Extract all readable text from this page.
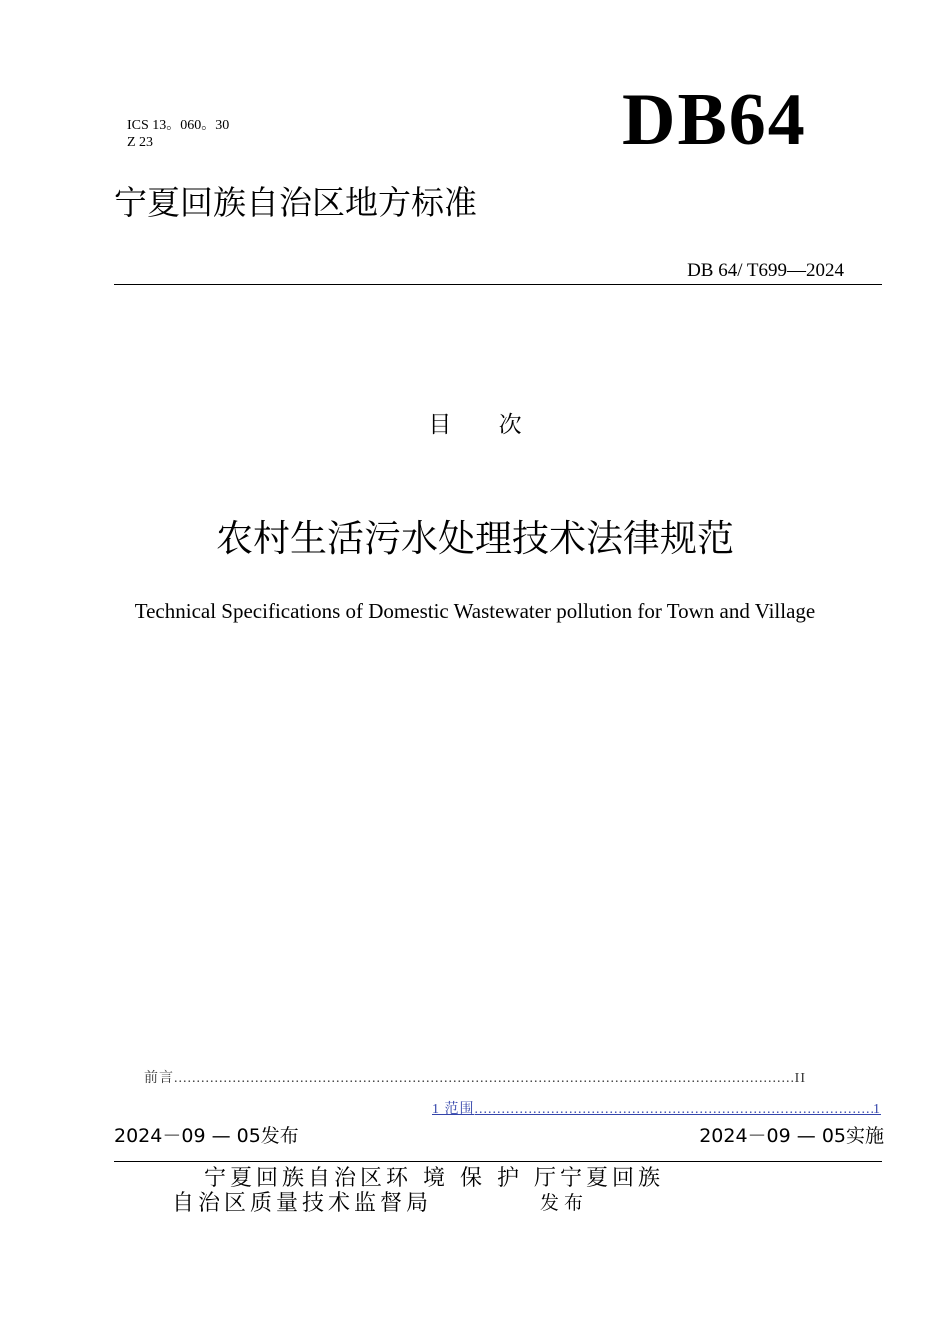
ICS 13。060。30
Z 23	DB64
宁夏回族自治区地方标准
DB 64/ T699—2024
目 次
农村生活污水处理技术法律规范
Technical Specifications of Domestic Wastewater pollution for Town and Village
前言 .....	II
1 范围 .....	1
2024－09 — 05发布	2024－09 — 05实施
宁夏回族自治区环 境 保 护 厅宁夏回族
自治区质量技术监督局	发布
